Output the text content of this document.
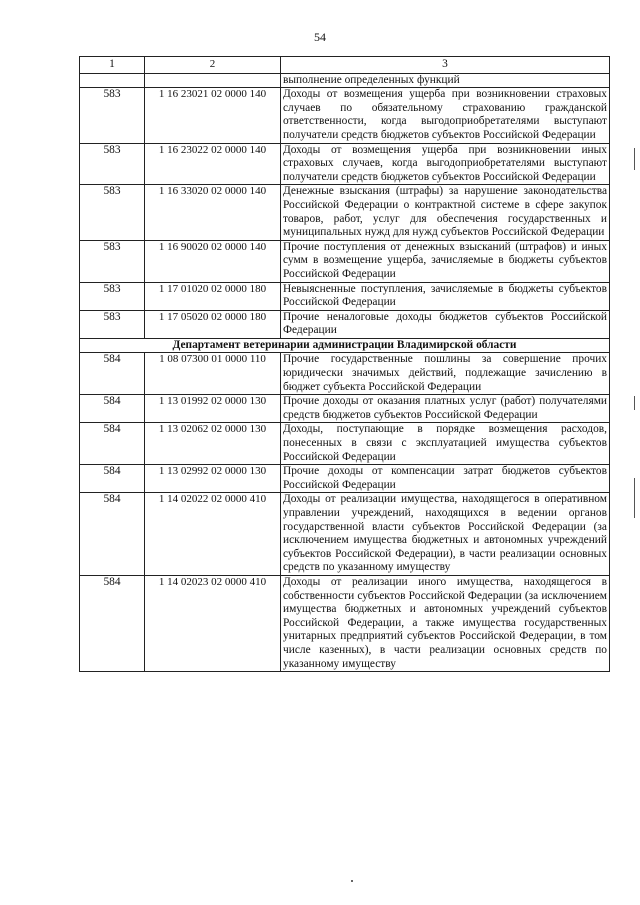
54
1	2	3
		выполнение определенных функций
583	1 16 23021 02 0000 140	Доходы от возмещения ущерба при возникновении страховых случаев по обязательному страхованию гражданской ответственности, когда выгодоприобретателями выступают получатели средств бюджетов субъектов Российской Федерации
583	1 16 23022 02 0000 140	Доходы от возмещения ущерба при возникновении иных страховых случаев, когда выгодоприобретателями выступают получатели средств бюджетов субъектов Российской Федерации
583	1 16 33020 02 0000 140	Денежные взыскания (штрафы) за нарушение законодательства Российской Федерации о контрактной системе в сфере закупок товаров, работ, услуг для обеспечения государственных и муниципальных нужд для нужд субъектов Российской Федерации
583	1 16 90020 02 0000 140	Прочие поступления от денежных взысканий (штрафов) и иных сумм в возмещение ущерба, зачисляемые в бюджеты субъектов Российской Федерации
583	1 17 01020 02 0000 180	Невыясненные поступления, зачисляемые в бюджеты субъектов Российской Федерации
583	1 17 05020 02 0000 180	Прочие неналоговые доходы бюджетов субъектов Российской Федерации
Департамент ветеринарии администрации Владимирской области		
584	1 08 07300 01 0000 110	Прочие государственные пошлины за совершение прочих юридически значимых действий, подлежащие зачислению в бюджет субъекта Российской Федерации
584	1 13 01992 02 0000 130	Прочие доходы от оказания платных услуг (работ) получателями средств бюджетов субъектов Российской Федерации
584	1 13 02062 02 0000 130	Доходы, поступающие в порядке возмещения расходов, понесенных в связи с эксплуатацией имущества субъектов Российской Федерации
584	1 13 02992 02 0000 130	Прочие доходы от компенсации затрат бюджетов субъектов Российской Федерации
584	1 14 02022 02 0000 410	Доходы от реализации имущества, находящегося в оперативном управлении учреждений, находящихся в ведении органов государственной власти субъектов Российской Федерации (за исключением имущества бюджетных и автономных учреждений субъектов Российской Федерации), в части реализации основных средств по указанному имуществу
584	1 14 02023 02 0000 410	Доходы от реализации иного имущества, находящегося в собственности субъектов Российской Федерации (за исключением имущества бюджетных и автономных учреждений субъектов Российской Федерации, а также имущества государственных унитарных предприятий субъектов Российской Федерации, в том числе казенных), в части реализации основных средств по указанному имуществу
